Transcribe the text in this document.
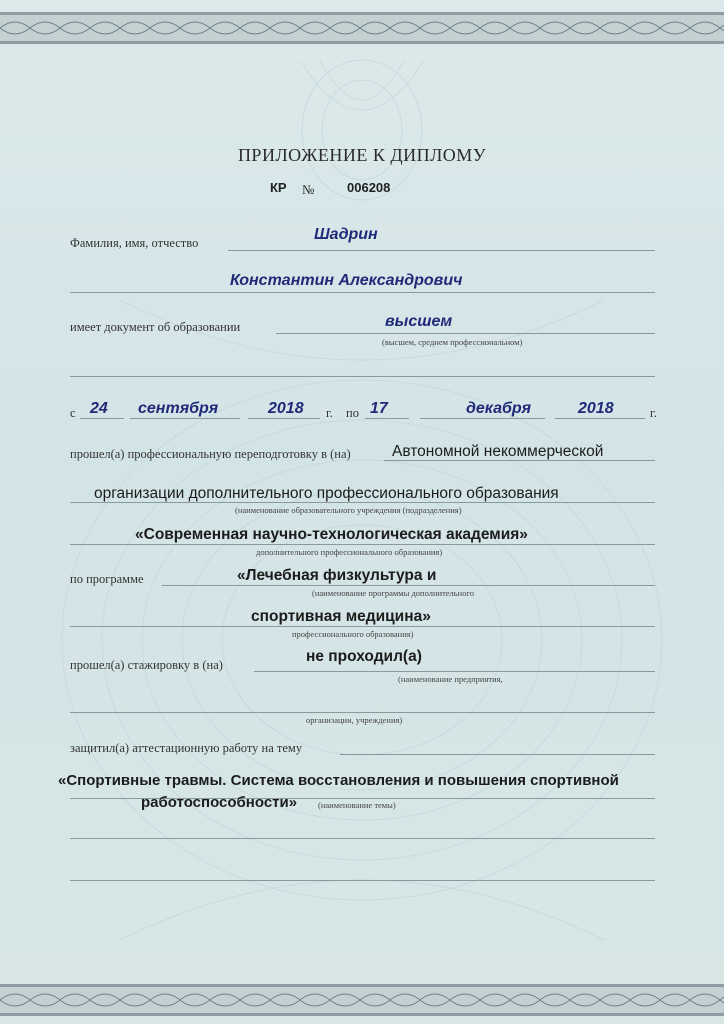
ПРИЛОЖЕНИЕ К ДИПЛОМУ
КР №	006208
Фамилия, имя, отчество	Шадрин
Константин Александрович
имеет документ об образовании	высшем
(высшем, среднем профессиональном)
с 24 сентября	2018 г. по 17	декабря	2018	г.
прошел(а) профессиональную переподготовку в (на)	Автономной некоммерческой
организации дополнительного профессионального образования
(наименование образовательного учреждения (подразделения)
«Современная научно-технологическая академия»
дополнительного профессионального образования)
по программе	«Лечебная физкультура и
(наименование программы дополнительного
спортивная медицина»
профессионального образования)
прошел(а) стажировку в (на)	не проходил(а)
(наименование предприятия,
организации, учреждения)
защитил(а) аттестационную работу на тему
«Спортивные травмы. Система восстановления и повышения спортивной
работоспособности» (наименование темы)
